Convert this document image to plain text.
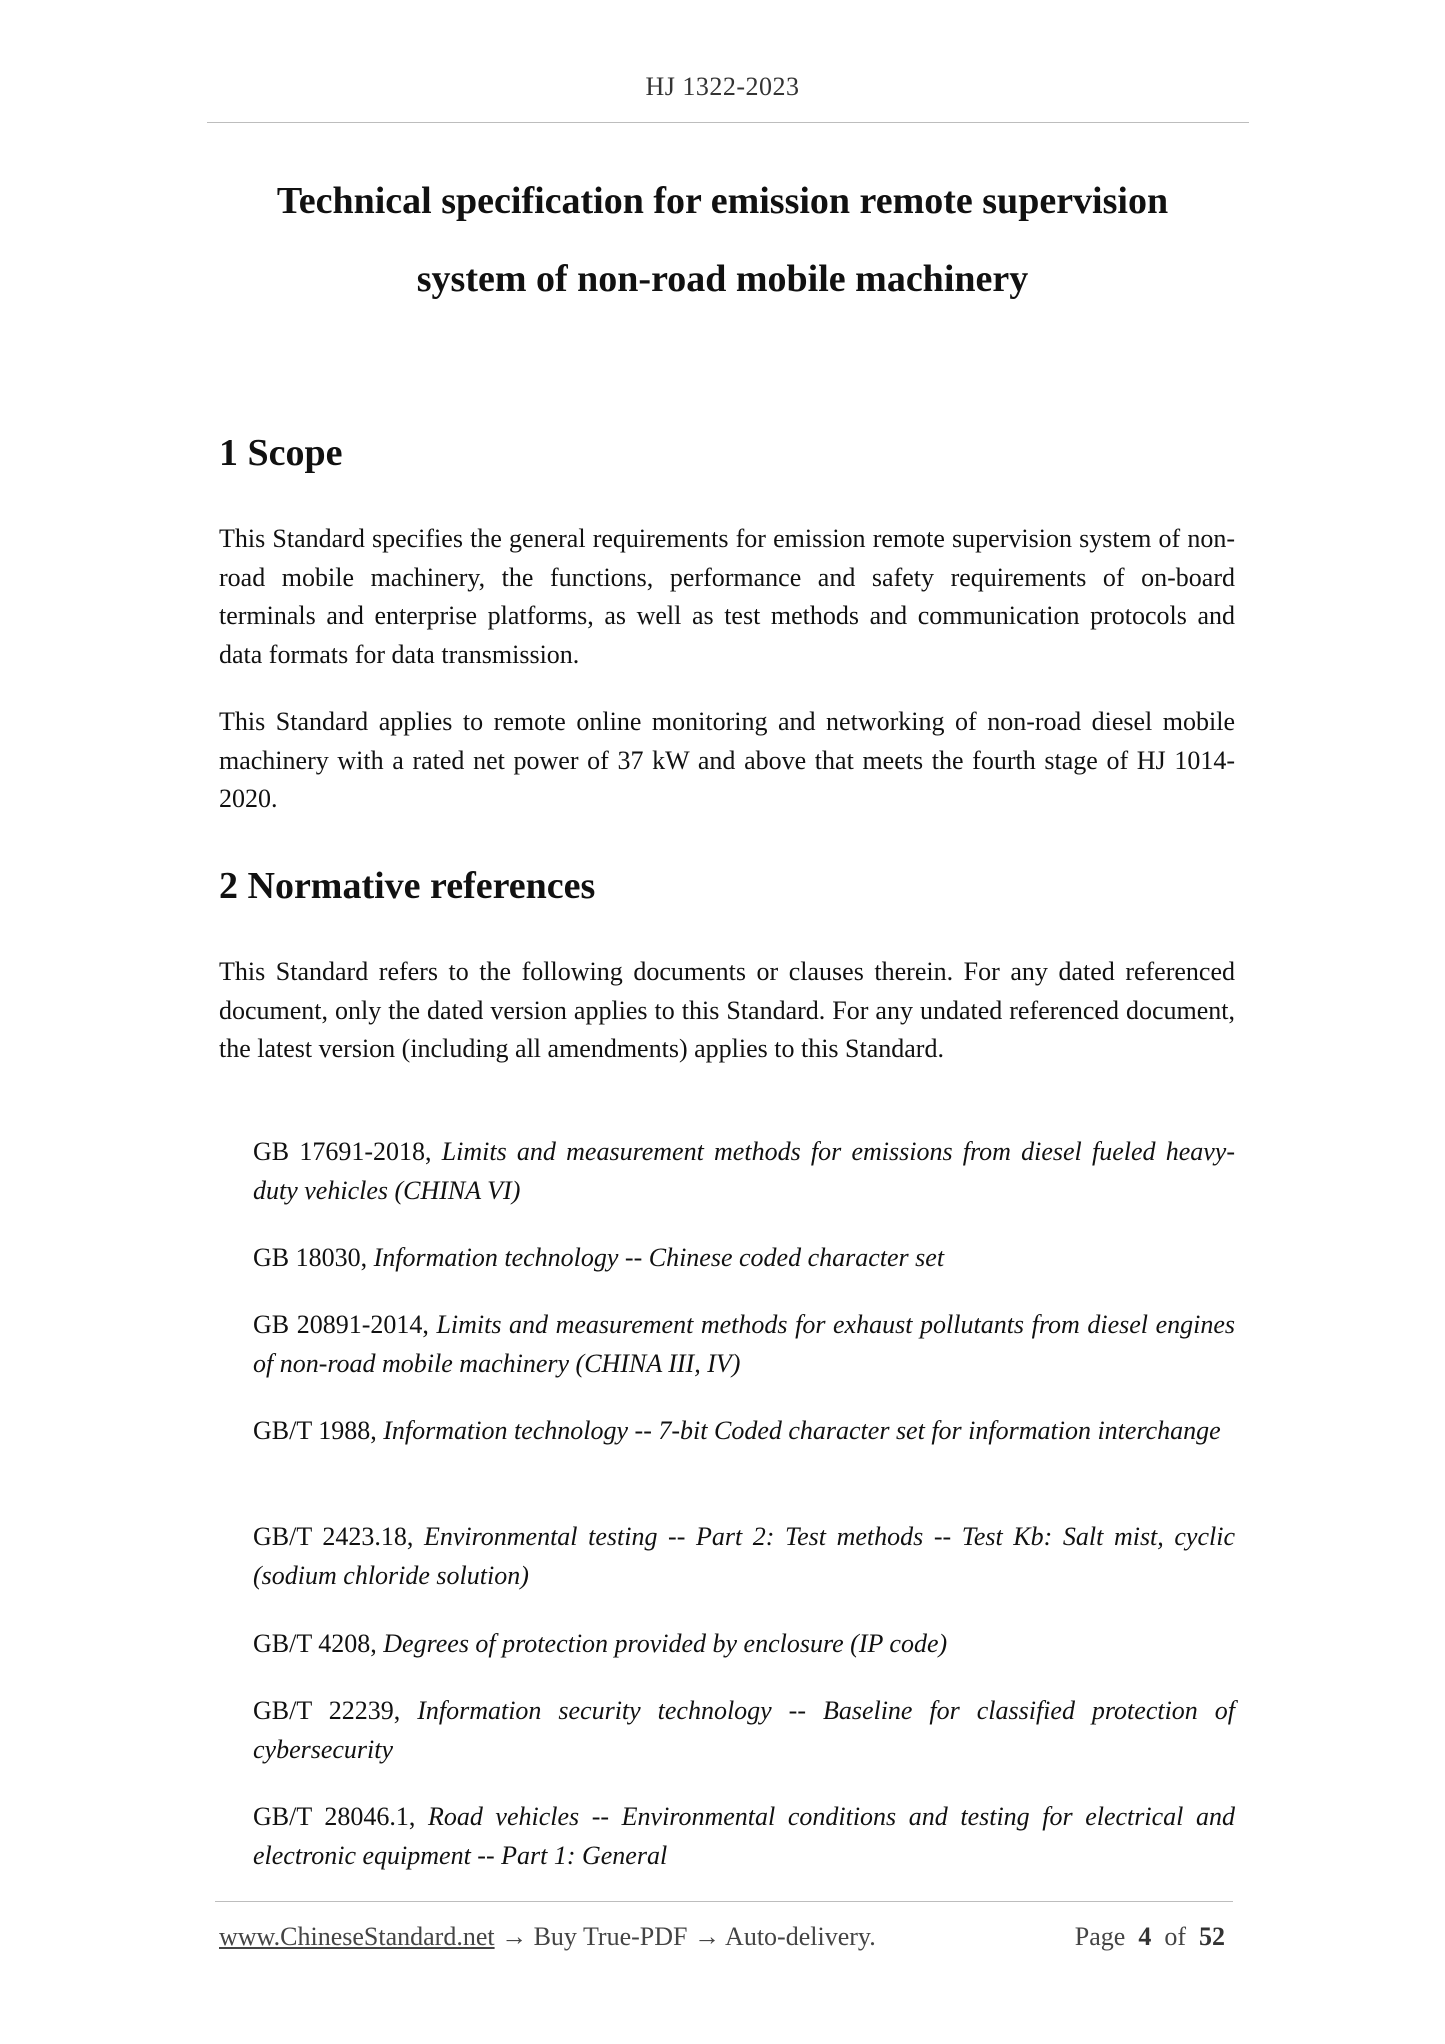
HJ 1322-2023
Technical specification for emission remote supervision
system of non-road mobile machinery
1 Scope

This Standard specifies the general requirements for emission remote supervision system of non-road mobile machinery, the functions, performance and safety requirements of on-board terminals and enterprise platforms, as well as test methods and communication protocols and data formats for data transmission.

This Standard applies to remote online monitoring and networking of non-road diesel mobile machinery with a rated net power of 37 kW and above that meets the fourth stage of HJ 1014-2020.

2 Normative references

This Standard refers to the following documents or clauses therein. For any dated referenced document, only the dated version applies to this Standard. For any undated referenced document, the latest version (including all amendments) applies to this Standard.

GB 17691-2018, Limits and measurement methods for emissions from diesel fueled heavy-duty vehicles (CHINA VI)

GB 18030, Information technology -- Chinese coded character set

GB 20891-2014, Limits and measurement methods for exhaust pollutants from diesel engines of non-road mobile machinery (CHINA III, IV)

GB/T 1988, Information technology -- 7-bit Coded character set for information interchange

GB/T 2423.18, Environmental testing -- Part 2: Test methods -- Test Kb: Salt mist, cyclic (sodium chloride solution)

GB/T 4208, Degrees of protection provided by enclosure (IP code)

GB/T 22239, Information security technology -- Baseline for classified protection of cybersecurity

GB/T 28046.1, Road vehicles -- Environmental conditions and testing for electrical and electronic equipment -- Part 1: General

www.ChineseStandard.net → Buy True-PDF → Auto-delivery.	Page 4 of 52
